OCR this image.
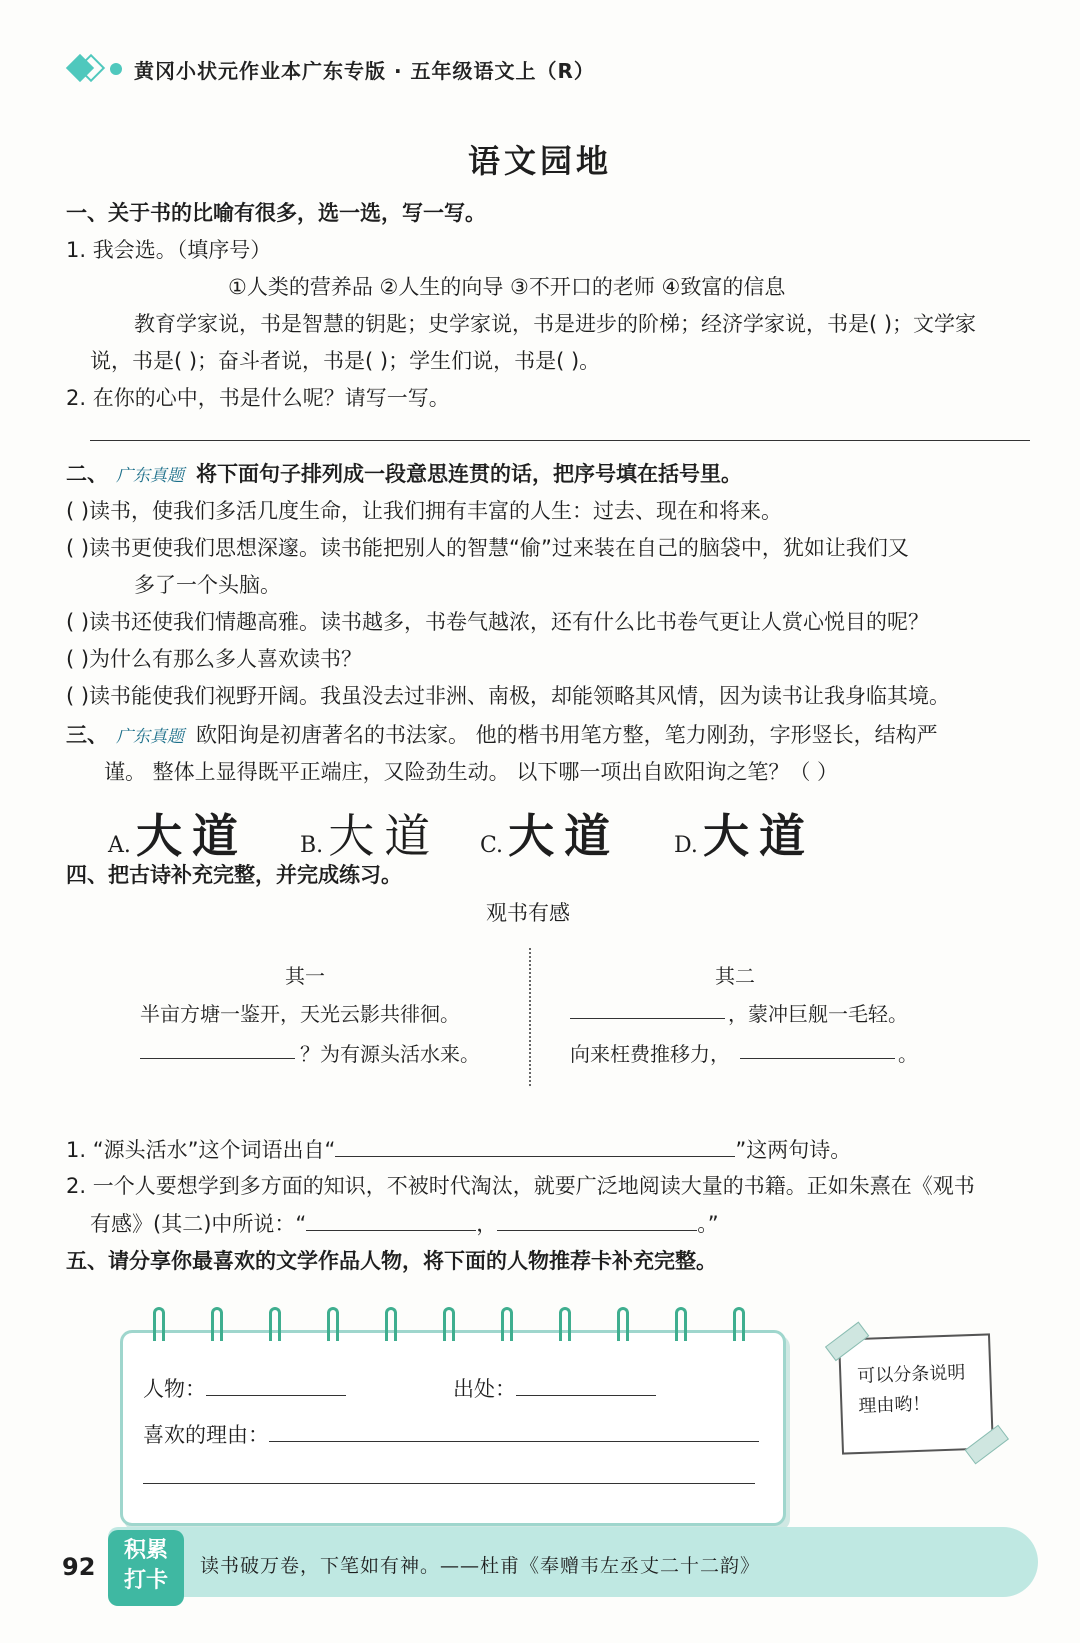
黄冈小状元作业本广东专版 · 五年级语文上（R）
语文园地
一、关于书的比喻有很多，选一选，写一写。
1. 我会选。（填序号）
①人类的营养品 ②人生的向导 ③不开口的老师 ④致富的信息
教育学家说，书是智慧的钥匙；史学家说，书是进步的阶梯；经济学家说，书是( )；文学家
说，书是( )；奋斗者说，书是( )；学生们说，书是( )。
2. 在你的心中，书是什么呢？请写一写。
二、 广东真题 将下面句子排列成一段意思连贯的话，把序号填在括号里。
( )读书，使我们多活几度生命，让我们拥有丰富的人生：过去、现在和将来。
( )读书更使我们思想深邃。读书能把别人的智慧“偷”过来装在自己的脑袋中，犹如让我们又
多了一个头脑。
( )读书还使我们情趣高雅。读书越多，书卷气越浓，还有什么比书卷气更让人赏心悦目的呢？
( )为什么有那么多人喜欢读书？
( )读书能使我们视野开阔。我虽没去过非洲、南极，却能领略其风情，因为读书让我身临其境。
三、 广东真题 欧阳询是初唐著名的书法家。 他的楷书用笔方整，笔力刚劲，字形竖长，结构严
谨。 整体上显得既平正端庄，又险劲生动。 以下哪一项出自欧阳询之笔？（ ）
A. 大道 B. 大道 C. 大道 D. 大道
四、把古诗补充完整，并完成练习。
观书有感
其一
半亩方塘一鉴开，天光云影共徘徊。
？为有源头活水来。
其二
，蒙冲巨舰一毛轻。
向来枉费推移力，	。
1. “源头活水”这个词语出自“	”这两句诗。
2. 一个人要想学到多方面的知识，不被时代淘汰，就要广泛地阅读大量的书籍。正如朱熹在《观书
有感》(其二)中所说：“	，	。”
五、请分享你最喜欢的文学作品人物，将下面的人物推荐卡补充完整。
人物：	出处：
喜欢的理由：
可以分条说明理由哟！
92
积累
打卡
读书破万卷，下笔如有神。——杜甫《奉赠韦左丞丈二十二韵》
